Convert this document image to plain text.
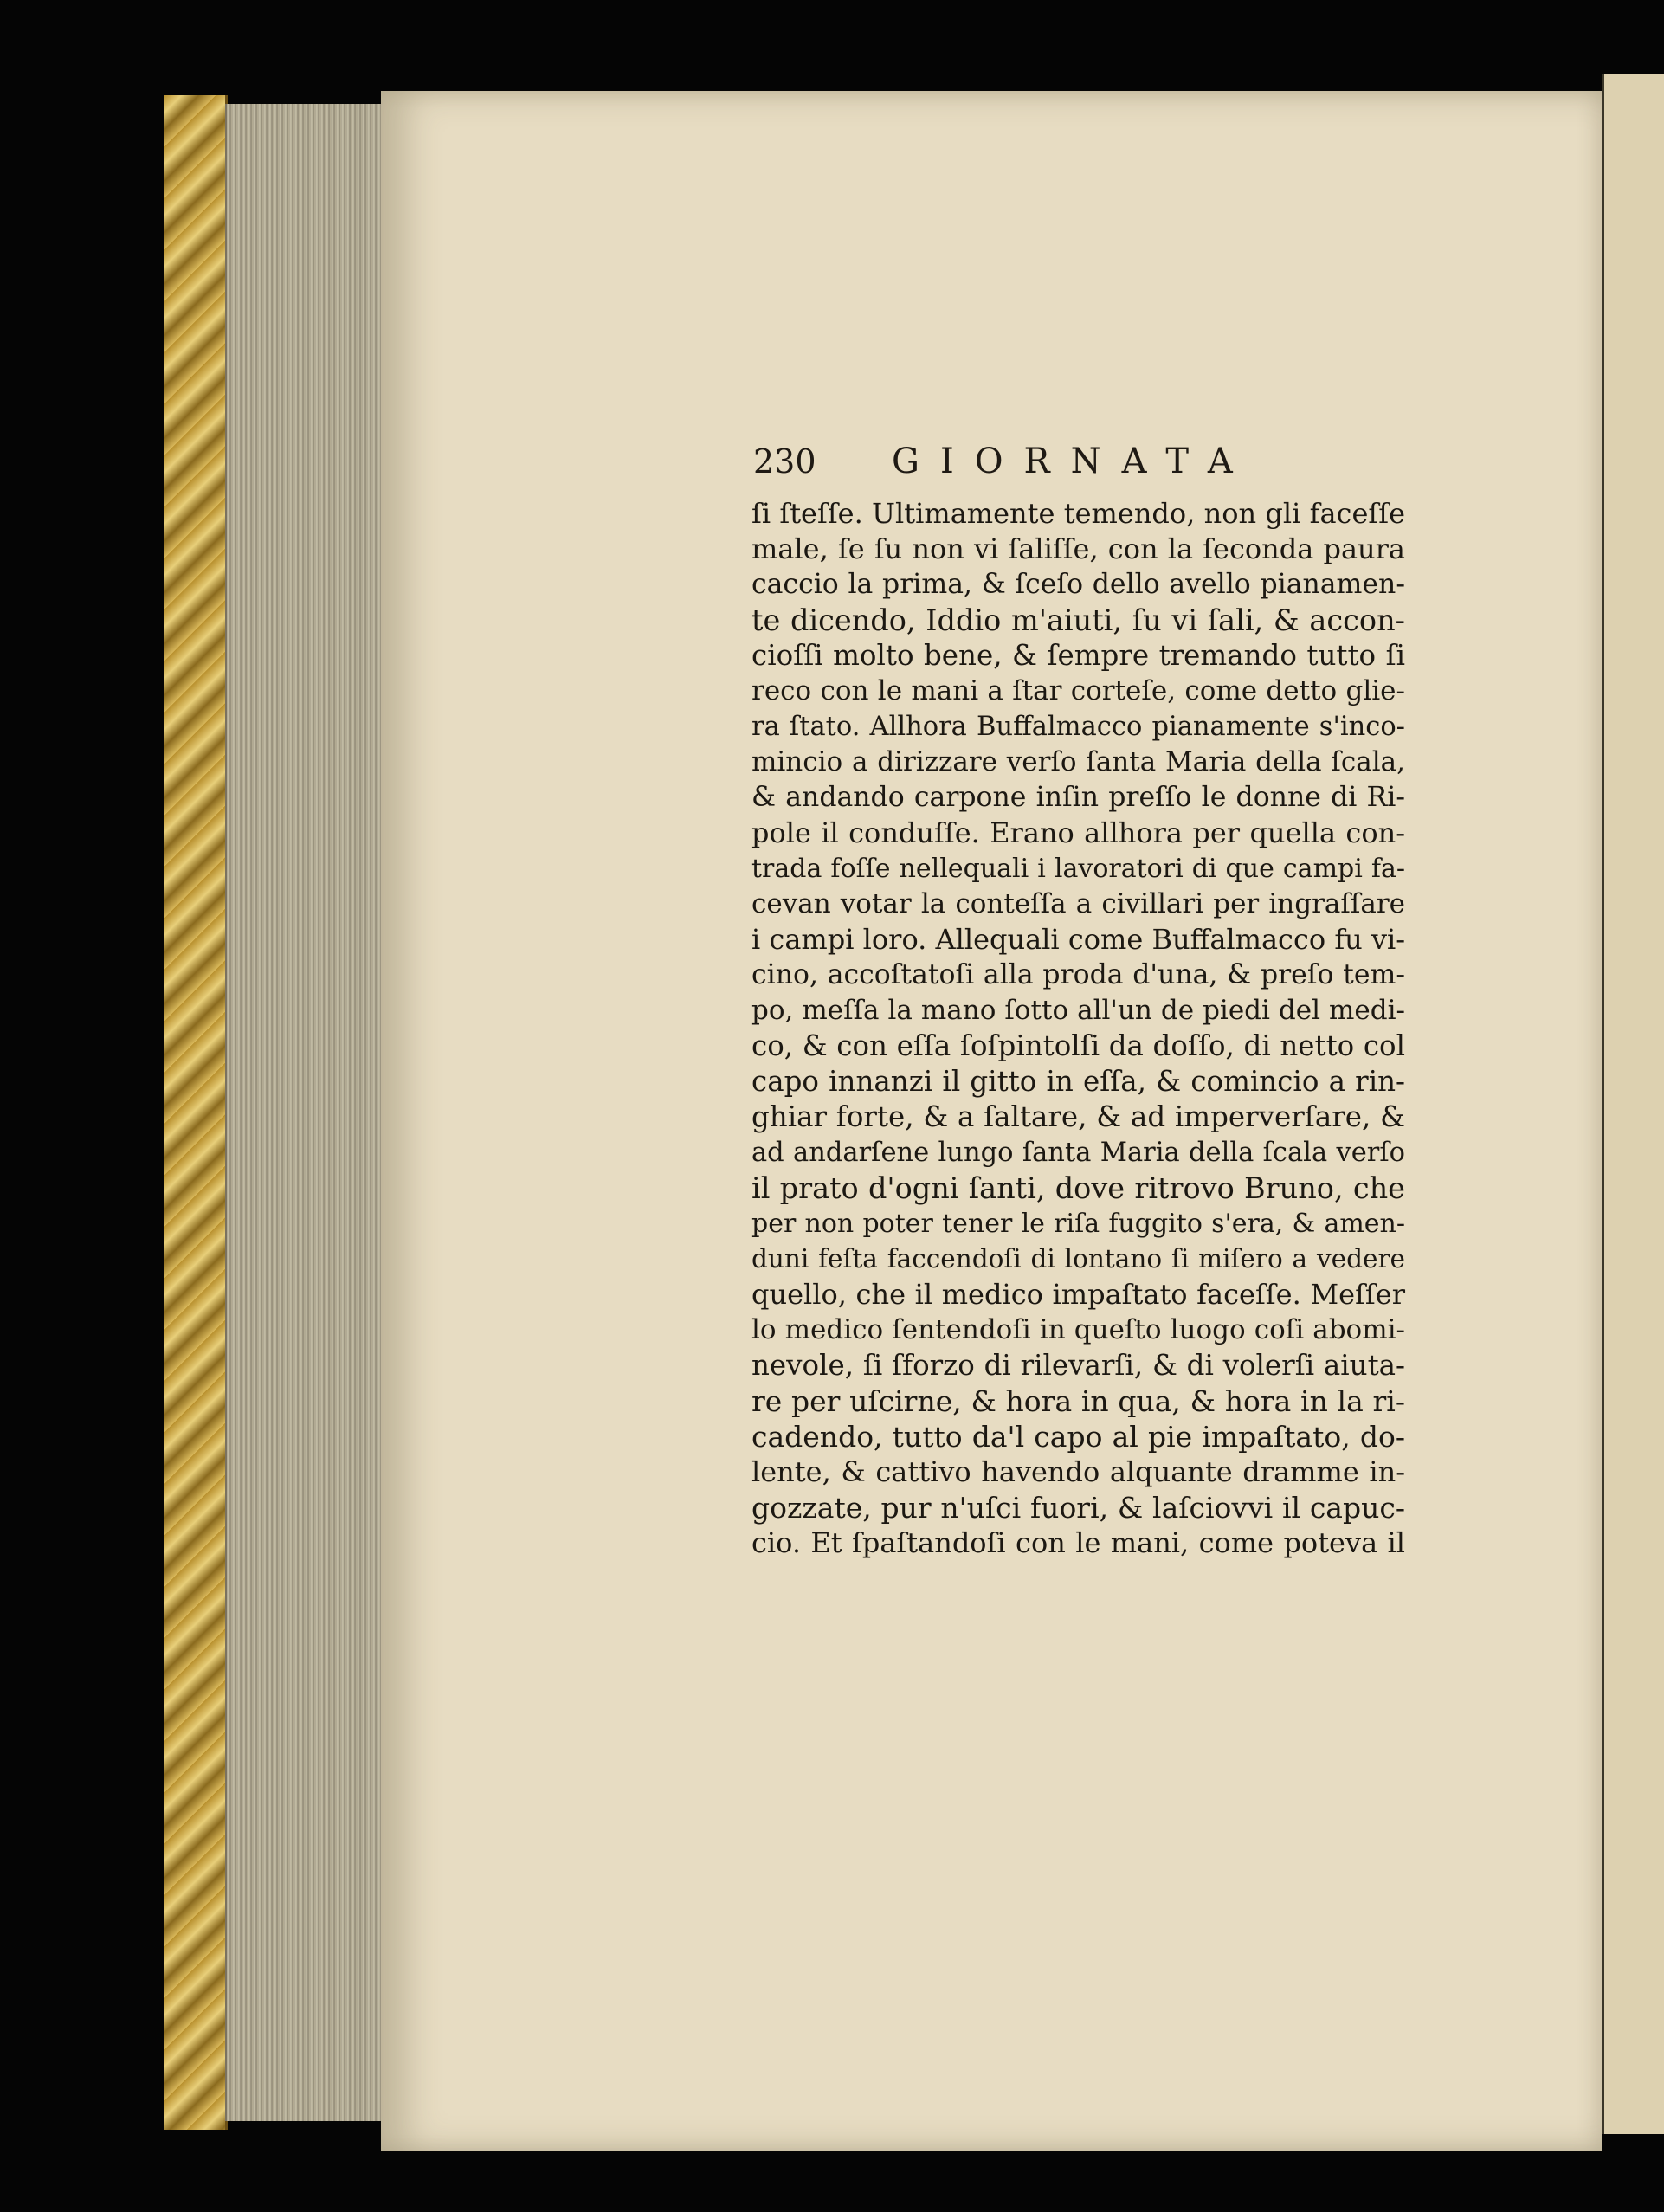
230 GIORNATA
ſi ſteſſe. Ultimamente temendo, non gli faceſſe
male, ſe ſu non vi ſaliſſe, con la ſeconda paura
caccio la prima, & ſceſo dello avello pianamen-
te dicendo, Iddio m'aiuti, ſu vi ſali, & accon-
cioſſi molto bene, & ſempre tremando tutto ſi
reco con le mani a ſtar corteſe, come detto glie-
ra ſtato. Allhora Buffalmacco pianamente s'inco-
mincio a dirizzare verſo ſanta Maria della ſcala,
& andando carpone inſin preſſo le donne di Ri-
pole il conduſſe. Erano allhora per quella con-
trada foſſe nellequali i lavoratori di que campi fa-
cevan votar la conteſſa a civillari per ingraſſare
i campi loro. Allequali come Buffalmacco fu vi-
cino, accoſtatoſi alla proda d'una, & preſo tem-
po, meſſa la mano ſotto all'un de piedi del medi-
co, & con eſſa ſoſpintolſi da doſſo, di netto col
capo innanzi il gitto in eſſa, & comincio a rin-
ghiar forte, & a ſaltare, & ad imperverſare, &
ad andarſene lungo ſanta Maria della ſcala verſo
il prato d'ogni ſanti, dove ritrovo Bruno, che
per non poter tener le riſa fuggito s'era, & amen-
duni feſta faccendoſi di lontano ſi miſero a vedere
quello, che il medico impaſtato faceſſe. Meſſer
lo medico ſentendoſi in queſto luogo coſi abomi-
nevole, ſi ſforzo di rilevarſi, & di volerſi aiuta-
re per uſcirne, & hora in qua, & hora in la ri-
cadendo, tutto da'l capo al pie impaſtato, do-
lente, & cattivo havendo alquante dramme in-
gozzate, pur n'uſci fuori, & laſciovvi il capuc-
cio. Et ſpaſtandoſi con le mani, come poteva il
